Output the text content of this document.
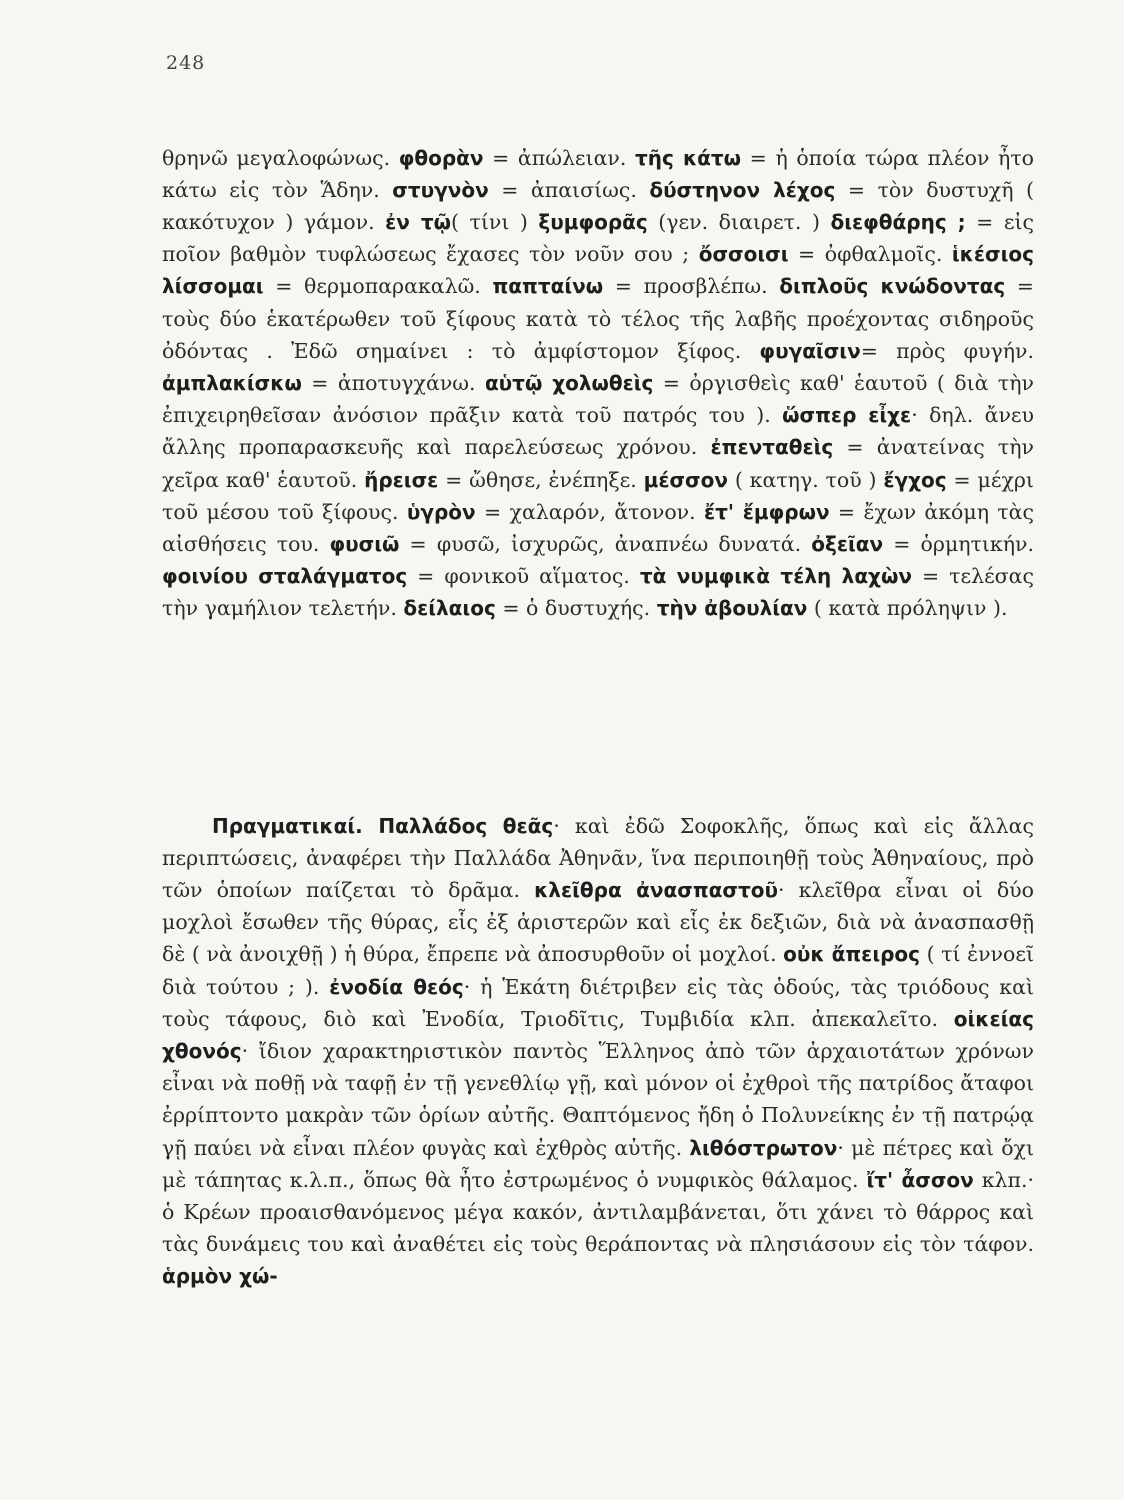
248

θρηνῶ μεγαλοφώνως. φθορὰν = ἀπώλειαν. τῆς κάτω = ἡ ὁποία τώρα πλέον ἦτο κάτω εἰς τὸν Ἅδην. στυγνὸν = ἀπαισίως. δύστηνον λέχος = τὸν δυστυχῆ ( κακότυχον ) γάμον. ἐν τῷ( τίνι ) ξυμφορᾶς (γεν. διαιρετ. ) διεφθάρης ; = εἰς ποῖον βαθμὸν τυφλώσεως ἔχασες τὸν νοῦν σου ; ὄσσοισι = ὀφθαλμοῖς. ἱκέσιος λίσσομαι = θερμοπαρακαλῶ. παπταίνω = προσβλέπω. διπλοῦς κνώδοντας = τοὺς δύο ἑκατέρωθεν τοῦ ξίφους κατὰ τὸ τέλος τῆς λαβῆς προέχοντας σιδηροῦς ὀδόντας . Ἐδῶ σημαίνει : τὸ ἀμφίστομον ξίφος. φυγαῖσιν= πρὸς φυγήν. ἀμπλακίσκω = ἀποτυγχάνω. αὑτῷ χολωθεὶς = ὀργισθεὶς καθ' ἑαυτοῦ ( διὰ τὴν ἐπιχειρηθεῖσαν ἀνόσιον πρᾶξιν κατὰ τοῦ πατρός του ). ὥσπερ εἶχε· δηλ. ἄνευ ἄλλης προπαρασκευῆς καὶ παρελεύσεως χρόνου. ἐπενταθεὶς = ἀνατείνας τὴν χεῖρα καθ' ἑαυτοῦ. ἤρεισε = ὤθησε, ἐνέπηξε. μέσσον ( κατηγ. τοῦ ) ἔγχος = μέχρι τοῦ μέσου τοῦ ξίφους. ὑγρὸν = χαλαρόν, ἄτονον. ἔτ' ἔμφρων = ἔχων ἀκόμη τὰς αἰσθήσεις του. φυσιῶ = φυσῶ, ἰσχυρῶς, ἀναπνέω δυνατά. ὀξεῖαν = ὁρμητικήν. φοινίου σταλάγματος = φονικοῦ αἵματος. τὰ νυμφικὰ τέλη λαχὼν = τελέσας τὴν γαμήλιον τελετήν. δείλαιος = ὁ δυστυχής. τὴν ἀβουλίαν ( κατὰ πρόληψιν ).

Πραγματικαί. Παλλάδος θεᾶς· καὶ ἐδῶ Σοφοκλῆς, ὅπως καὶ εἰς ἄλλας περιπτώσεις, ἀναφέρει τὴν Παλλάδα Ἀθηνᾶν, ἵνα περιποιηθῇ τοὺς Ἀθηναίους, πρὸ τῶν ὁποίων παίζεται τὸ δρᾶμα. κλεῖθρα ἀνασπαστοῦ· κλεῖθρα εἶναι οἱ δύο μοχλοὶ ἔσωθεν τῆς θύρας, εἷς ἐξ ἀριστερῶν καὶ εἷς ἐκ δεξιῶν, διὰ νὰ ἀνασπασθῇ δὲ ( νὰ ἀνοιχθῇ ) ἡ θύρα, ἔπρεπε νὰ ἀποσυρθοῦν οἱ μοχλοί. οὐκ ἄπειρος ( τί ἐννοεῖ διὰ τούτου ; ). ἐνοδία θεός· ἡ Ἑκάτη διέτριβεν εἰς τὰς ὁδούς, τὰς τριόδους καὶ τοὺς τάφους, διὸ καὶ Ἐνοδία, Τριοδῖτις, Τυμβιδία κλπ. ἀπεκαλεῖτο. οἰκείας χθονός· ἴδιον χαρακτηριστικὸν παντὸς Ἕλληνος ἀπὸ τῶν ἀρχαιοτάτων χρόνων εἶναι νὰ ποθῇ νὰ ταφῇ ἐν τῇ γενεθλίῳ γῇ, καὶ μόνον οἱ ἐχθροὶ τῆς πατρίδος ἄταφοι ἐρρίπτοντο μακρὰν τῶν ὁρίων αὐτῆς. Θαπτόμενος ἤδη ὁ Πολυνείκης ἐν τῇ πατρῴᾳ γῇ παύει νὰ εἶναι πλέον φυγὰς καὶ ἐχθρὸς αὐτῆς. λιθόστρωτον· μὲ πέτρες καὶ ὄχι μὲ τάπητας κ.λ.π., ὅπως θὰ ἦτο ἐστρωμένος ὁ νυμφικὸς θάλαμος. ἴτ' ἆσσον κλπ.· ὁ Κρέων προαισθανόμενος μέγα κακόν, ἀντιλαμβάνεται, ὅτι χάνει τὸ θάρρος καὶ τὰς δυνάμεις του καὶ ἀναθέτει εἰς τοὺς θεράποντας νὰ πλησιάσουν εἰς τὸν τάφον. ἁρμὸν χώ-
